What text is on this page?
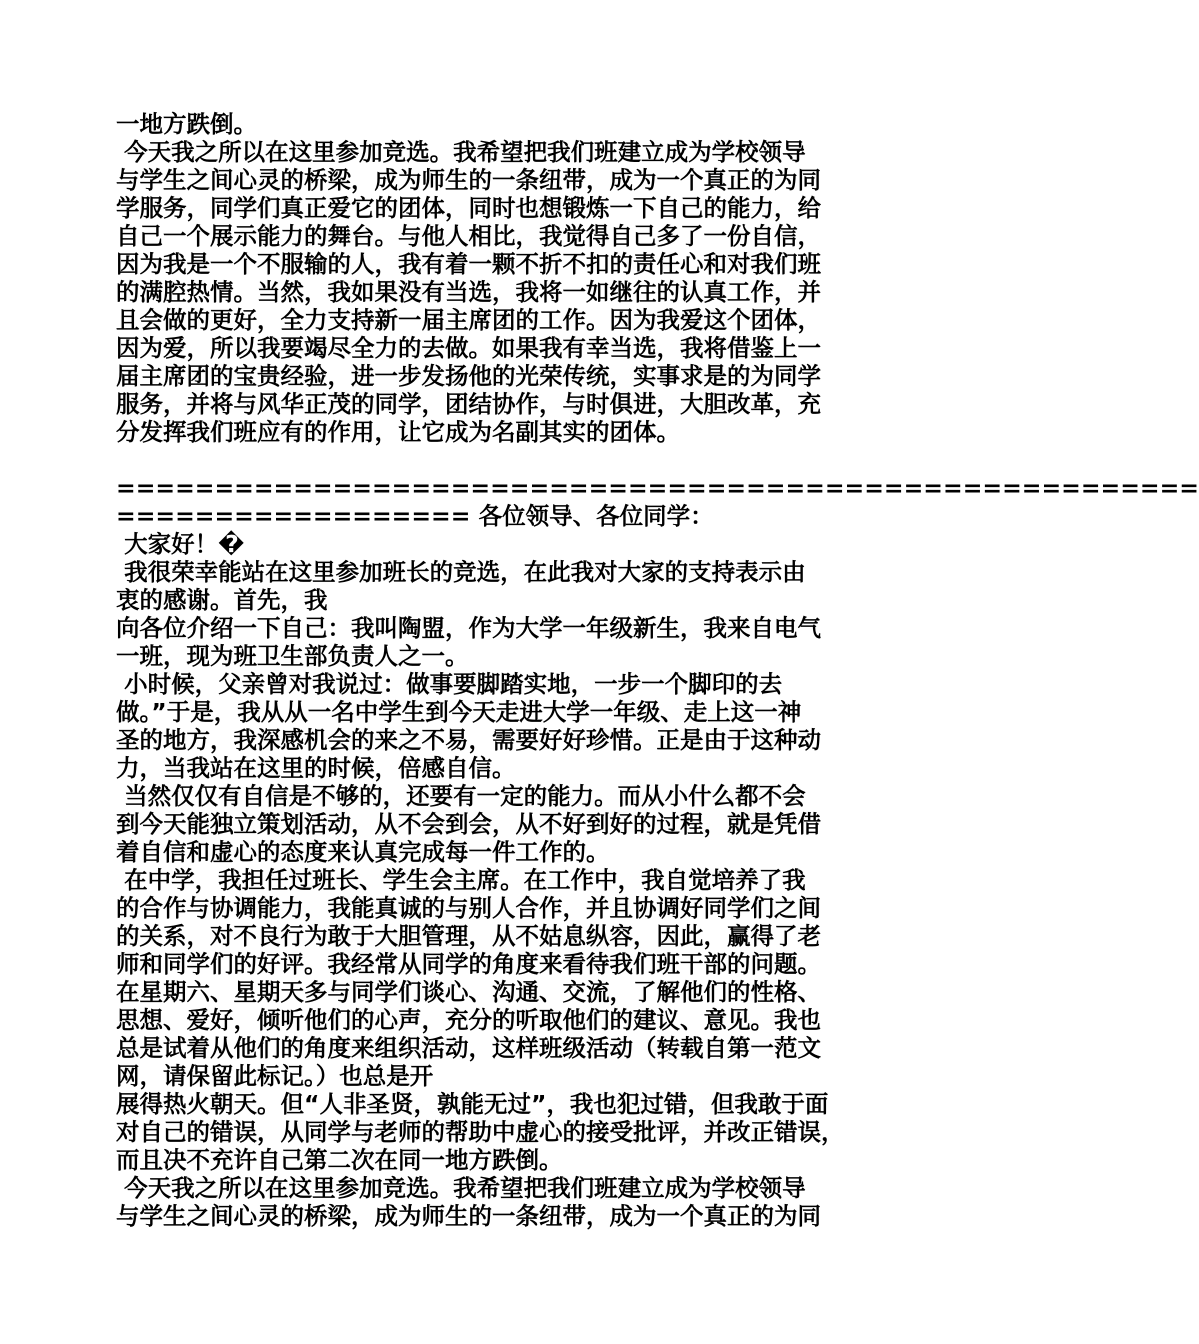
一地方跌倒。
今天我之所以在这里参加竞选。我希望把我们班建立成为学校领导
与学生之间心灵的桥梁，成为师生的一条纽带，成为一个真正的为同
学服务，同学们真正爱它的团体，同时也想锻炼一下自己的能力，给
自己一个展示能力的舞台。与他人相比，我觉得自己多了一份自信，
因为我是一个不服输的人，我有着一颗不折不扣的责任心和对我们班
的满腔热情。当然，我如果没有当选，我将一如继往的认真工作，并
且会做的更好，全力支持新一届主席团的工作。因为我爱这个团体，
因为爱，所以我要竭尽全力的去做。如果我有幸当选，我将借鉴上一
届主席团的宝贵经验，进一步发扬他的光荣传统，实事求是的为同学
服务，并将与风华正茂的同学，团结协作，与时俱进，大胆改革，充
分发挥我们班应有的作用，让它成为名副其实的团体。
=======================================================
================== 各位领导、各位同学：
大家好！�
我很荣幸能站在这里参加班长的竞选，在此我对大家的支持表示由
衷的感谢。首先，我
向各位介绍一下自己：我叫陶盟，作为大学一年级新生，我来自电气
一班，现为班卫生部负责人之一。
小时候，父亲曾对我说过：做事要脚踏实地，一步一个脚印的去
做。”于是，我从从一名中学生到今天走进大学一年级、走上这一神
圣的地方，我深感机会的来之不易，需要好好珍惜。正是由于这种动
力，当我站在这里的时候，倍感自信。
当然仅仅有自信是不够的，还要有一定的能力。而从小什么都不会
到今天能独立策划活动，从不会到会，从不好到好的过程，就是凭借
着自信和虚心的态度来认真完成每一件工作的。
在中学，我担任过班长、学生会主席。在工作中，我自觉培养了我
的合作与协调能力，我能真诚的与别人合作，并且协调好同学们之间
的关系，对不良行为敢于大胆管理，从不姑息纵容，因此，赢得了老
师和同学们的好评。我经常从同学的角度来看待我们班干部的问题。
在星期六、星期天多与同学们谈心、沟通、交流，了解他们的性格、
思想、爱好，倾听他们的心声，充分的听取他们的建议、意见。我也
总是试着从他们的角度来组织活动，这样班级活动（转载自第一范文
网，请保留此标记。）也总是开
展得热火朝天。但“人非圣贤，孰能无过”，我也犯过错，但我敢于面
对自己的错误，从同学与老师的帮助中虚心的接受批评，并改正错误，
而且决不充许自己第二次在同一地方跌倒。
今天我之所以在这里参加竞选。我希望把我们班建立成为学校领导
与学生之间心灵的桥梁，成为师生的一条纽带，成为一个真正的为同
